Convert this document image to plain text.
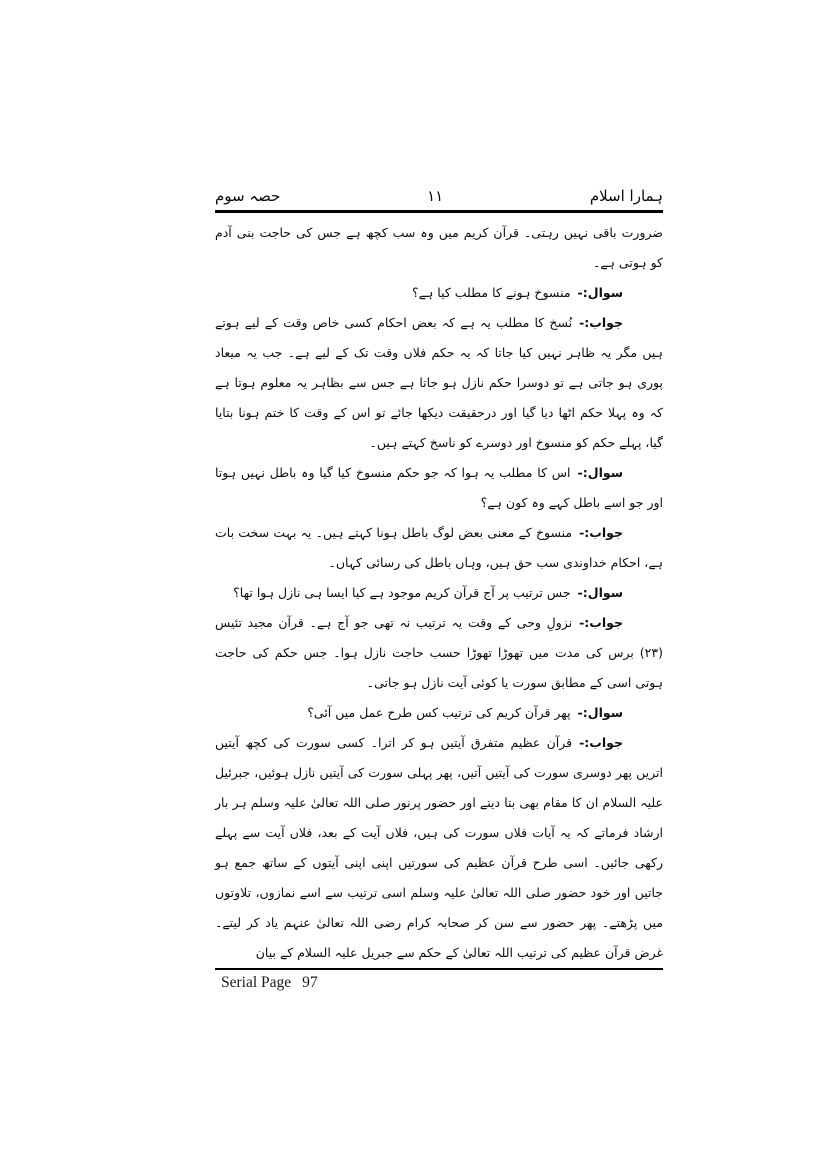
ہمارا اسلام
۱۱
حصہ سوم

ضرورت باقی نہیں رہتی۔ قرآن کریم میں وہ سب کچھ ہے جس کی حاجت بنی آدم کو ہوتی ہے۔

سوال:-منسوخ ہونے کا مطلب کیا ہے؟

جواب:-نُسخ کا مطلب یہ ہے کہ بعض احکام کسی خاص وقت کے لیے ہوتے ہیں مگر یہ ظاہر نہیں کیا جاتا کہ یہ حکم فلاں وقت تک کے لیے ہے۔ جب یہ میعاد پوری ہو جاتی ہے تو دوسرا حکم نازل ہو جاتا ہے جس سے بظاہر یہ معلوم ہوتا ہے کہ وہ پہلا حکم اٹھا دیا گیا اور درحقیقت دیکھا جائے تو اس کے وقت کا ختم ہونا بتایا گیا، پہلے حکم کو منسوخ اور دوسرے کو ناسخ کہتے ہیں۔

سوال:-اس کا مطلب یہ ہوا کہ جو حکم منسوخ کیا گیا وہ باطل نہیں ہوتا اور جو اسے باطل کہے وہ کون ہے؟

جواب:-منسوخ کے معنی بعض لوگ باطل ہونا کہتے ہیں۔ یہ بہت سخت بات ہے، احکام خداوندی سب حق ہیں، وہاں باطل کی رسائی کہاں۔

سوال:-جس ترتیب پر آج قرآن کریم موجود ہے کیا ایسا ہی نازل ہوا تھا؟

جواب:-نزولِ وحی کے وقت یہ ترتیب نہ تھی جو آج ہے۔ قرآن مجید تئیس (۲۳) برس کی مدت میں تھوڑا تھوڑا حسب حاجت نازل ہوا۔ جس حکم کی حاجت ہوتی اسی کے مطابق سورت یا کوئی آیت نازل ہو جاتی۔

سوال:-پھر قرآن کریم کی ترتیب کس طرح عمل میں آئی؟

جواب:-قرآن عظیم متفرق آیتیں ہو کر اترا۔ کسی سورت کی کچھ آیتیں اتریں پھر دوسری سورت کی آیتیں آتیں، پھر پہلی سورت کی آیتیں نازل ہوئیں، جبرئیل علیہ السلام ان کا مقام بھی بتا دیتے اور حضور پرنور صلی اللہ تعالیٰ علیہ وسلم ہر بار ارشاد فرماتے کہ یہ آیات فلاں سورت کی ہیں، فلاں آیت کے بعد، فلاں آیت سے پہلے رکھی جائیں۔ اسی طرح قرآن عظیم کی سورتیں اپنی اپنی آیتوں کے ساتھ جمع ہو جاتیں اور خود حضور صلی اللہ تعالیٰ علیہ وسلم اسی ترتیب سے اسے نمازوں، تلاوتوں میں پڑھتے۔ پھر حضور سے سن کر صحابہ کرام رضی اللہ تعالیٰ عنہم یاد کر لیتے۔ غرض قرآن عظیم کی ترتیب اللہ تعالیٰ کے حکم سے جبریل علیہ السلام کے بیان

Serial Page 97
